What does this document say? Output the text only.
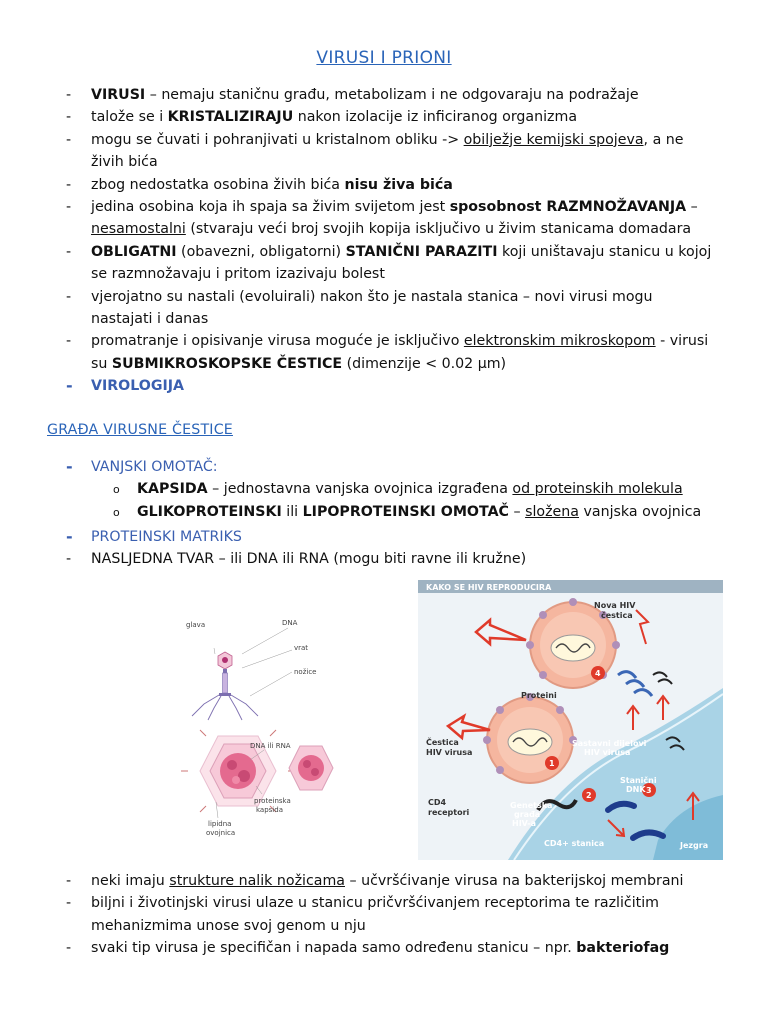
VIRUSI I PRIONI
- VIRUSI – nemaju staničnu građu, metabolizam i ne odgovaraju na podražaje
- taložе se i KRISTALIZIRAJU nakon izolacije iz inficiranog organizma
- mogu se čuvati i pohranjivati u kristalnom obliku -> obilježje kemijski spojeva, a ne živih bića
- zbog nedostatka osobina živih bića nisu živa bića
- jedina osobina koja ih spaja sa živim svijetom jest sposobnost RAZMNOŽAVANJA – nesamostalni (stvaraju veći broj svojih kopija isključivo u živim stanicama domadara
- OBLIGATNI (obavezni, obligatorni) STANIČNI PARAZITI koji uništavaju stanicu u kojoj se razmnožavaju i pritom izazivaju bolest
- vjerojatno su nastali (evoluirali) nakon što je nastala stanica – novi virusi mogu nastajati i danas
- promatranje i opisivanje virusa moguće je isključivo elektronskim mikroskopom - virusi su SUBMIKROSKOPSKE ČESTICE (dimenzije < 0.02 μm)
- VIROLOGIJA
GRAĐA VIRUSNE ČESTICE
- VANJSKI OMOTAČ:
o KAPSIDA – jednostavna vanjska ovojnica izgrađena od proteinskih molekula
o GLIKOPROTEINSKI ili LIPOPROTEINSKI OMOTAČ – složena vanjska ovojnica
- PROTEINSKI MATRIKS
- NASLJEDNA TVAR – ili DNA ili RNA (mogu biti ravne ili kružne)
glava	DNA
vrat
nožice
DNA ili RNA
proteinska
kapsida
lipidna
ovojnica
KAKO SE HIV REPRODUCIRA
1
2
3
4
Nova HIV
čestica
Proteini
Čestica
HIV virusa
Sastavni dijelovi
HIV virusa
Stanični
DNK
CD4
receptori
Genetska
građa
HIV-a
CD4+ stanica	Jezgra
- neki imaju strukture nalik nožicama – učvršćivanje virusa na bakterijskoj membrani
- biljni i životinjski virusi ulaze u stanicu pričvršćivanjem receptorima te različitim mehanizmima unose svoj genom u nju
- svaki tip virusa je specifičan i napada samo određenu stanicu – npr. bakteriofag
